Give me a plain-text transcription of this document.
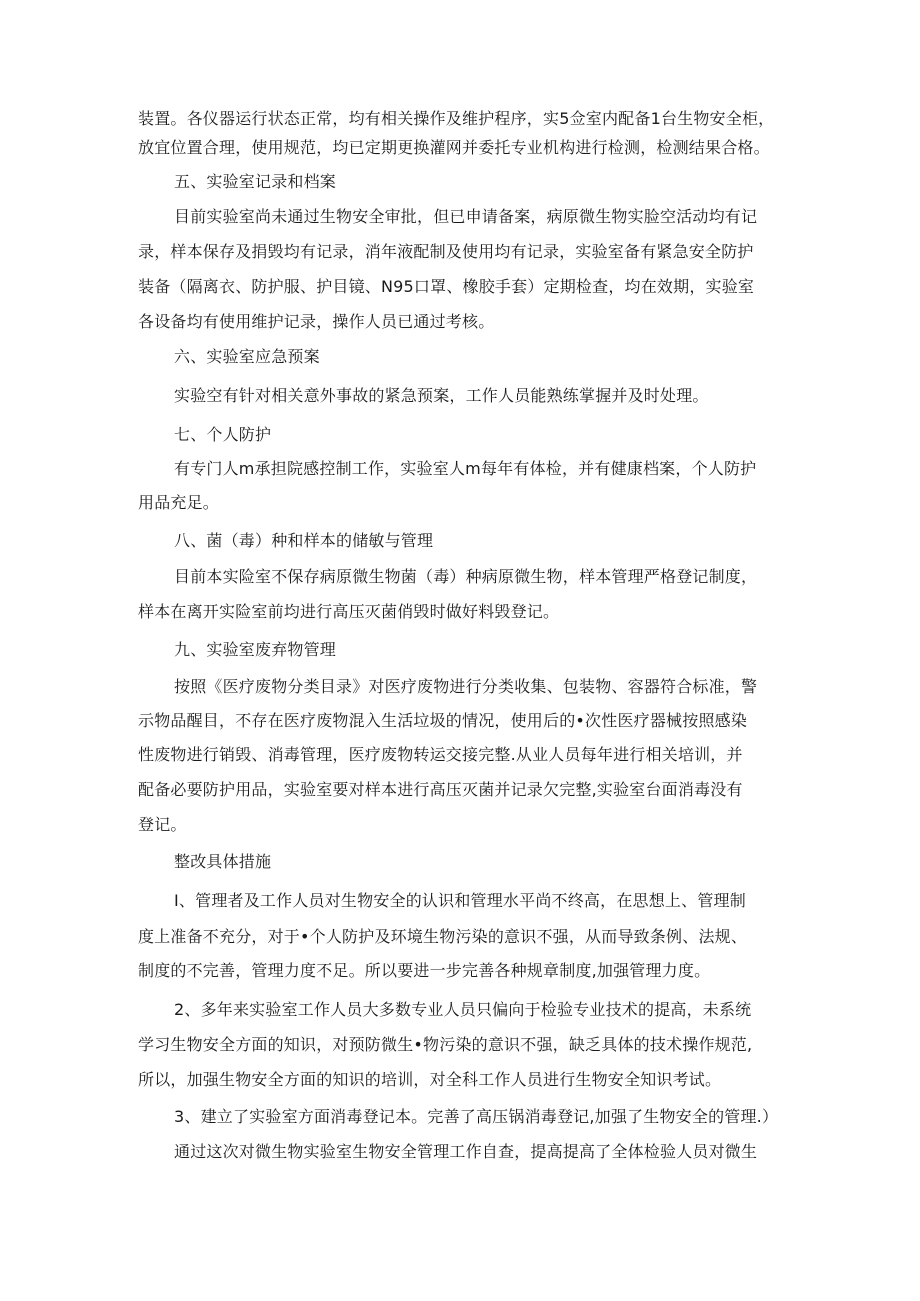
装置。各仪器运行状态正常，均有相关操作及维护程序，实5佥室内配备1台生物安全柜，
放宜位置合理，使用规范，均已定期更换灌网并委托专业机构进行检测，检测结果合格。
五、实验室记录和档案
目前实验室尚未通过生物安全审批，但已申请备案，病原微生物实脸空活动均有记
录，样本保存及捐毁均有记录，消年液配制及使用均有记录，实验室备有紧急安全防护
装备（隔离衣、防护服、护目镜、N95口罩、橡胶手套）定期检查，均在效期，实验室
各设备均有使用维护记录，操作人员已通过考核。
六、实验室应急预案
实验空有针对相关意外事故的紧急预案，工作人员能熟练掌握并及时处理。
七、个人防护
有专门人m承担院感控制工作，实验室人m每年有体检，并有健康档案，个人防护
用品充足。
八、菌（毒）种和样本的储敏与管理
目前本实险室不保存病原微生物菌（毒）种病原微生物，样本管理严格登记制度，
样本在离开实险室前均进行高压灭菌俏毁时做好料毁登记。
九、实验室废弃物管理
按照《医疗废物分类目录》对医疗废物进行分类收集、包装物、容器符合标准，警
示物品醒目，不存在医疗废物混入生活垃圾的情况，使用后的•次性医疗器械按照感染
性废物进行销毁、消毒管理，医疗废物转运交接完整.从业人员每年进行相关培训，并
配备必要防护用品，实验室要对样本进行高压灭菌并记录欠完整,实验室台面消毒没有
登记。
整改具体措施
I、管理者及工作人员对生物安全的认识和管理水平尚不终高，在思想上、管理制
度上准备不充分，对于•个人防护及环境生物污染的意识不强，从而导致条例、法规、
制度的不完善，管理力度不足。所以要进一步完善各种规章制度,加强管理力度。
2、多年来实验室工作人员大多数专业人员只偏向于检验专业技术的提高，未系统
学习生物安全方面的知识，对预防微生•物污染的意识不强，缺乏具体的技术操作规范,
所以，加强生物安全方面的知识的培训，对全科工作人员进行生物安全知识考试。
3、建立了实验室方面消毒登记本。完善了高压锅消毒登记,加强了生物安全的管理.）
通过这次对微生物实验室生物安全管理工作自查，提高提高了全体检验人员对微生
